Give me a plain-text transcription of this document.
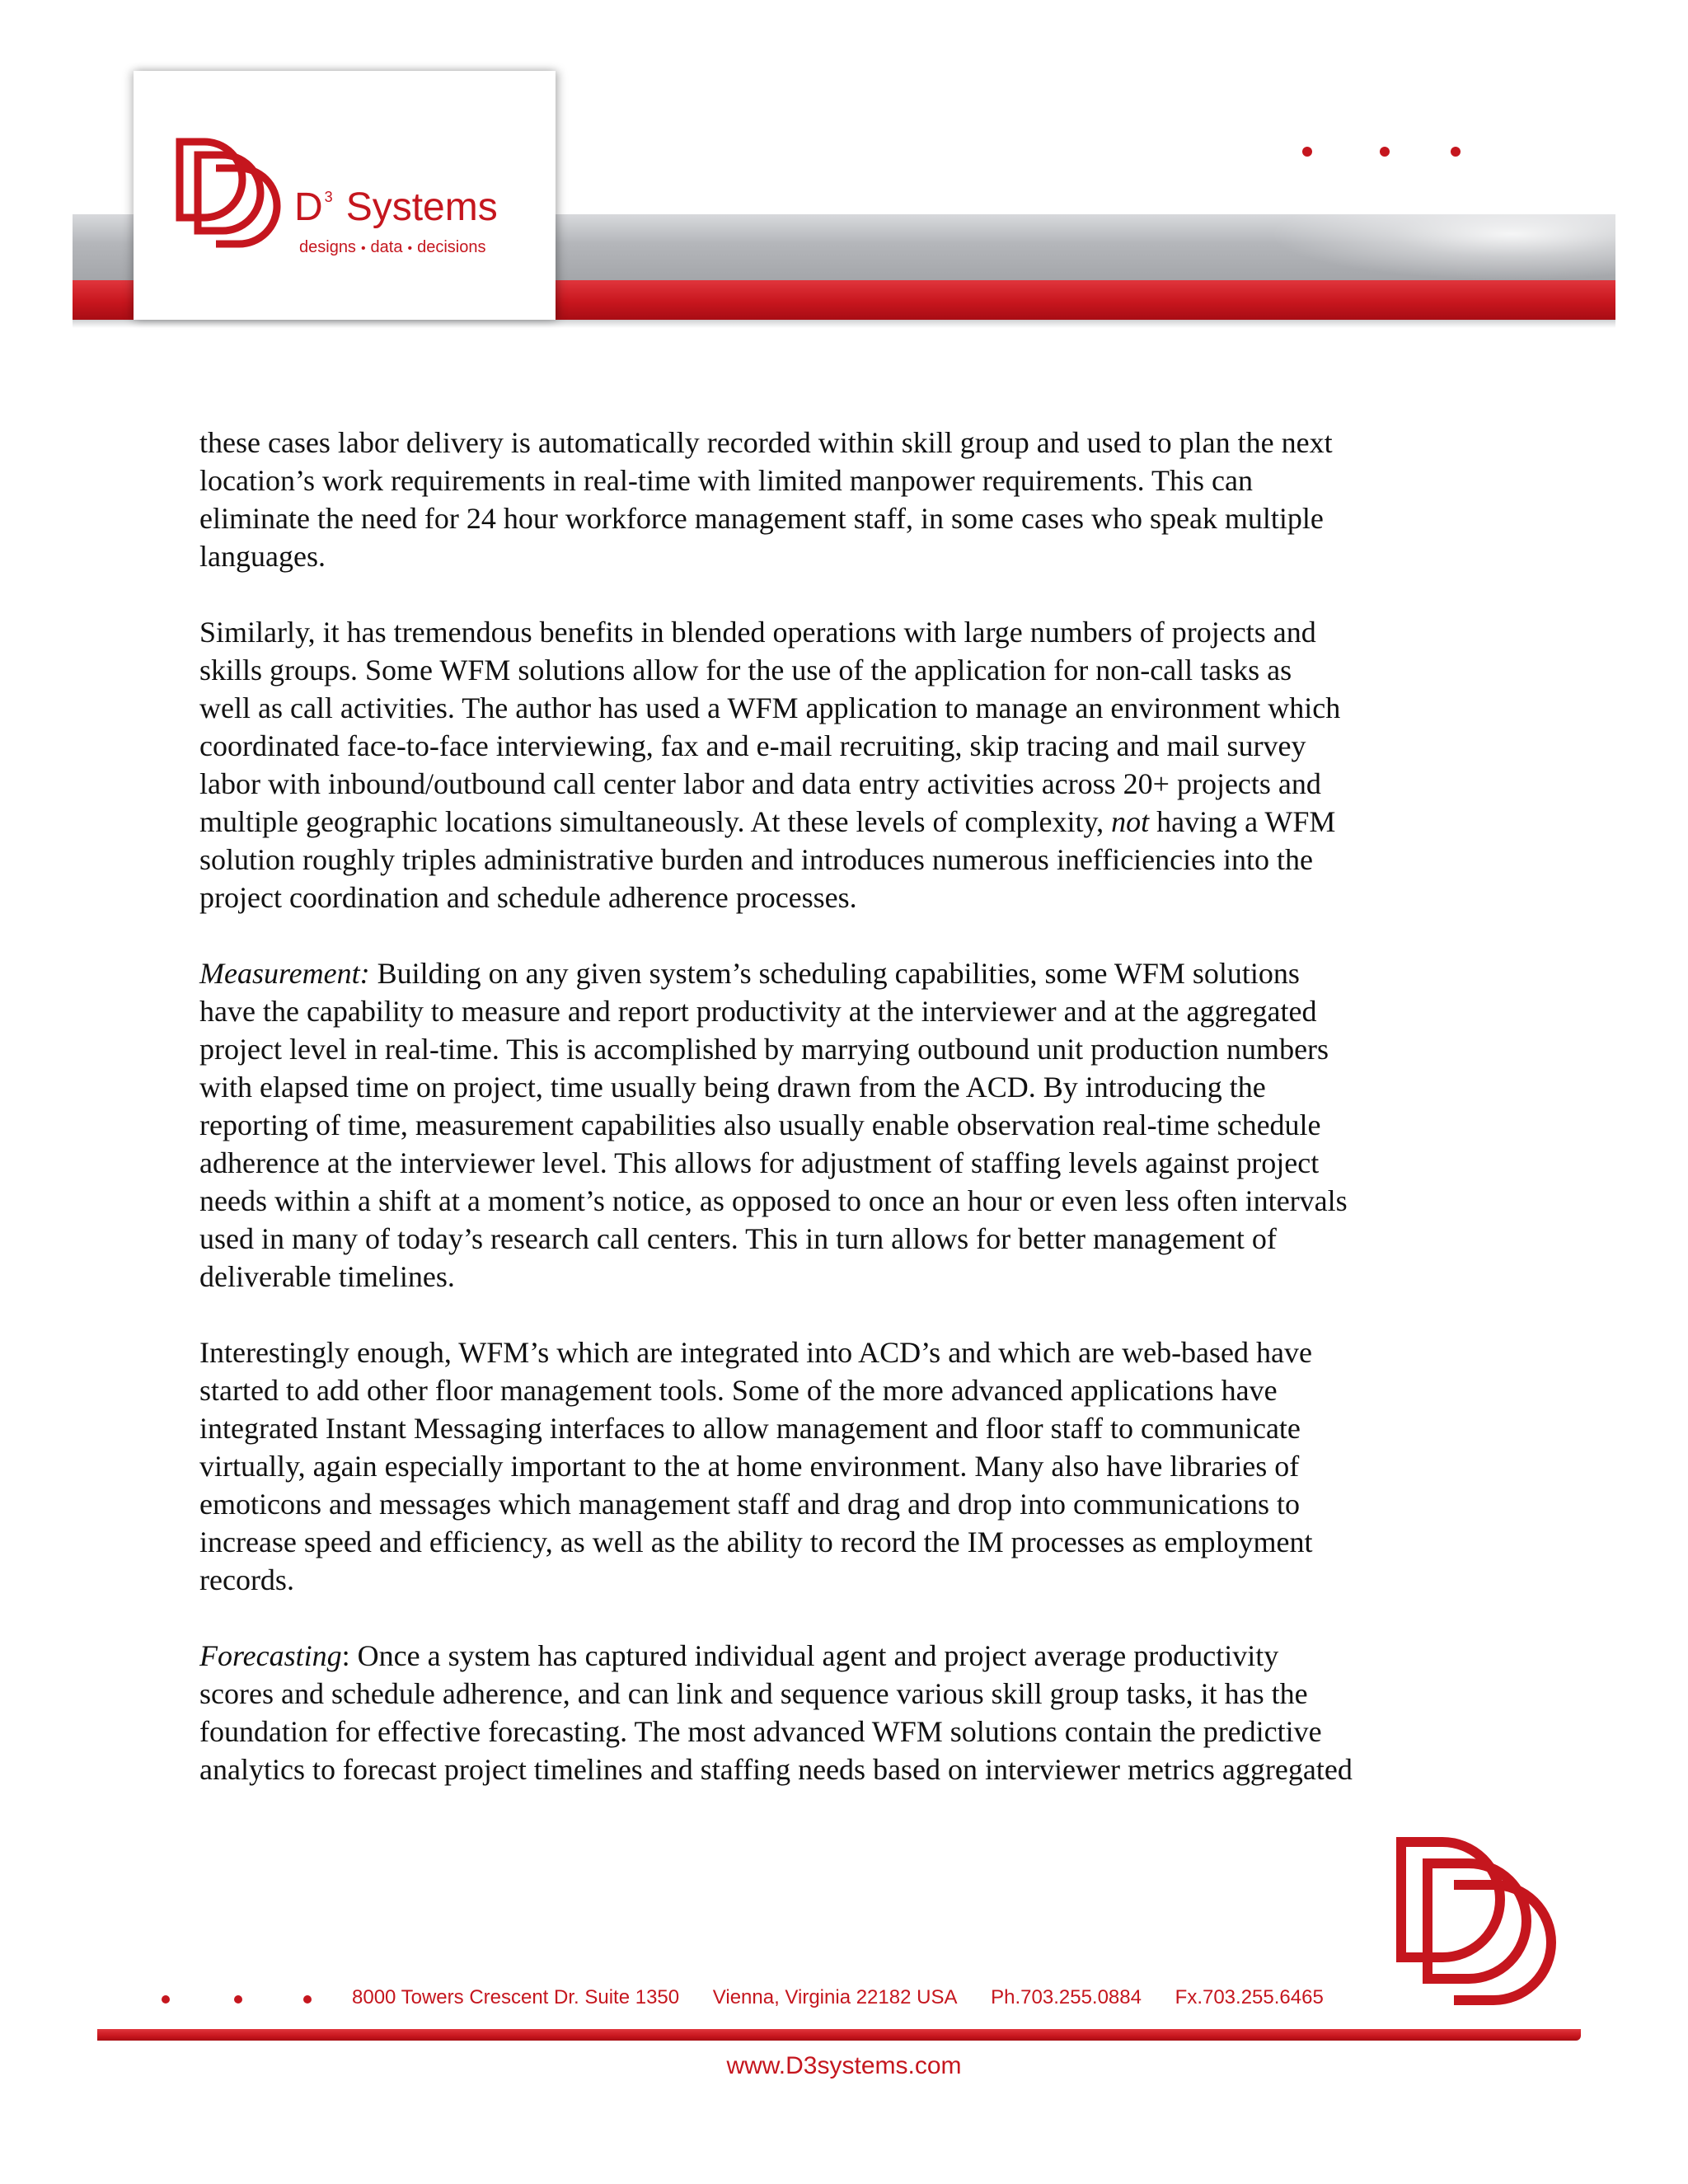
D $^3$ Systems
designs • data • decisions
these cases labor delivery is automatically recorded within skill group and used to plan the next
location’s work requirements in real-time with limited manpower requirements. This can
eliminate the need for 24 hour workforce management staff, in some cases who speak multiple
languages.
Similarly, it has tremendous benefits in blended operations with large numbers of projects and
skills groups. Some WFM solutions allow for the use of the application for non-call tasks as
well as call activities. The author has used a WFM application to manage an environment which
coordinated face-to-face interviewing, fax and e-mail recruiting, skip tracing and mail survey
labor with inbound/outbound call center labor and data entry activities across 20+ projects and
multiple geographic locations simultaneously. At these levels of complexity, not having a WFM
solution roughly triples administrative burden and introduces numerous inefficiencies into the
project coordination and schedule adherence processes.
Measurement: Building on any given system’s scheduling capabilities, some WFM solutions
have the capability to measure and report productivity at the interviewer and at the aggregated
project level in real-time. This is accomplished by marrying outbound unit production numbers
with elapsed time on project, time usually being drawn from the ACD. By introducing the
reporting of time, measurement capabilities also usually enable observation real-time schedule
adherence at the interviewer level. This allows for adjustment of staffing levels against project
needs within a shift at a moment’s notice, as opposed to once an hour or even less often intervals
used in many of today’s research call centers. This in turn allows for better management of
deliverable timelines.
Interestingly enough, WFM’s which are integrated into ACD’s and which are web-based have
started to add other floor management tools. Some of the more advanced applications have
integrated Instant Messaging interfaces to allow management and floor staff to communicate
virtually, again especially important to the at home environment. Many also have libraries of
emoticons and messages which management staff and drag and drop into communications to
increase speed and efficiency, as well as the ability to record the IM processes as employment
records.
Forecasting: Once a system has captured individual agent and project average productivity
scores and schedule adherence, and can link and sequence various skill group tasks, it has the
foundation for effective forecasting. The most advanced WFM solutions contain the predictive
analytics to forecast project timelines and staffing needs based on interviewer metrics aggregated
8000 Towers Crescent Dr. Suite 1350 Vienna, Virginia 22182 USA Ph.703.255.0884 Fx.703.255.6465
www.D3systems.com
